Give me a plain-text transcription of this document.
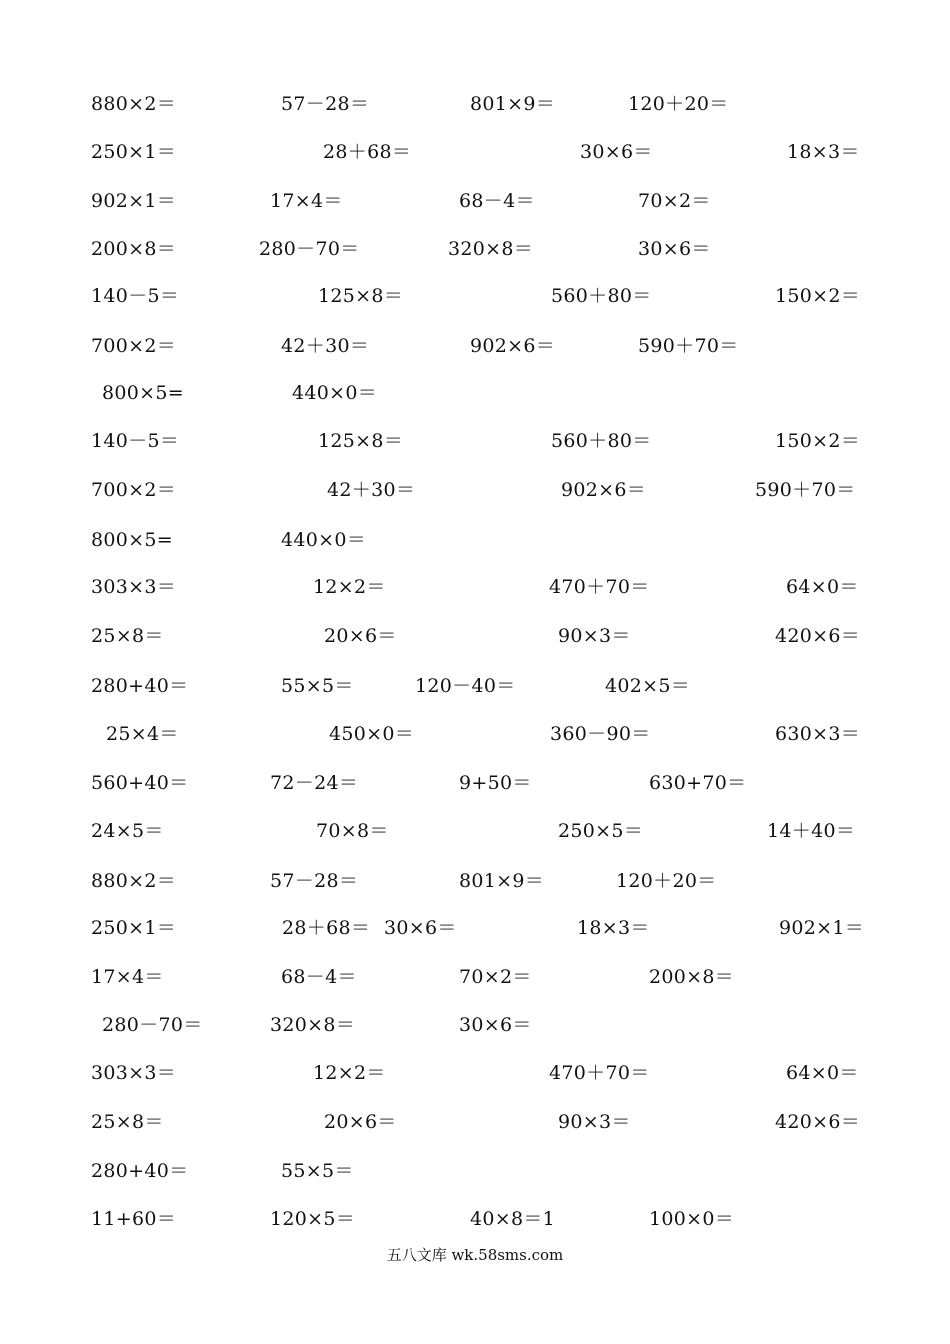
880×2＝	57－28＝	801×9＝	120＋20＝
250×1＝	28＋68＝	30×6＝	18×3＝
902×1＝	17×4＝	68－4＝	70×2＝
200×8＝	280－70＝	320×8＝	30×6＝
140－5＝	125×8＝	560＋80＝	150×2＝
700×2＝	42＋30＝	902×6＝	590＋70＝
800×5=	440×0＝
140－5＝	125×8＝	560＋80＝	150×2＝
700×2＝	42＋30＝	902×6＝	590＋70＝
800×5=	440×0＝
303×3＝	12×2＝	470＋70＝	64×0＝
25×8＝	20×6＝	90×3＝	420×6＝
280+40＝	55×5＝	120－40＝	402×5＝
25×4＝	450×0＝	360－90＝	630×3＝
560+40＝	72－24＝	9+50＝	630+70＝
24×5＝	70×8＝	250×5＝	14＋40＝
880×2＝	57－28＝	801×9＝	120＋20＝
250×1＝	28＋68＝ 30×6＝	18×3＝	902×1＝
17×4＝	68－4＝	70×2＝	200×8＝
280－70＝	320×8＝	30×6＝
303×3＝	12×2＝	470＋70＝	64×0＝
25×8＝	20×6＝	90×3＝	420×6＝
280+40＝	55×5＝
11+60＝	120×5＝	40×8＝1	100×0＝
五八文库 wk.58sms.com
